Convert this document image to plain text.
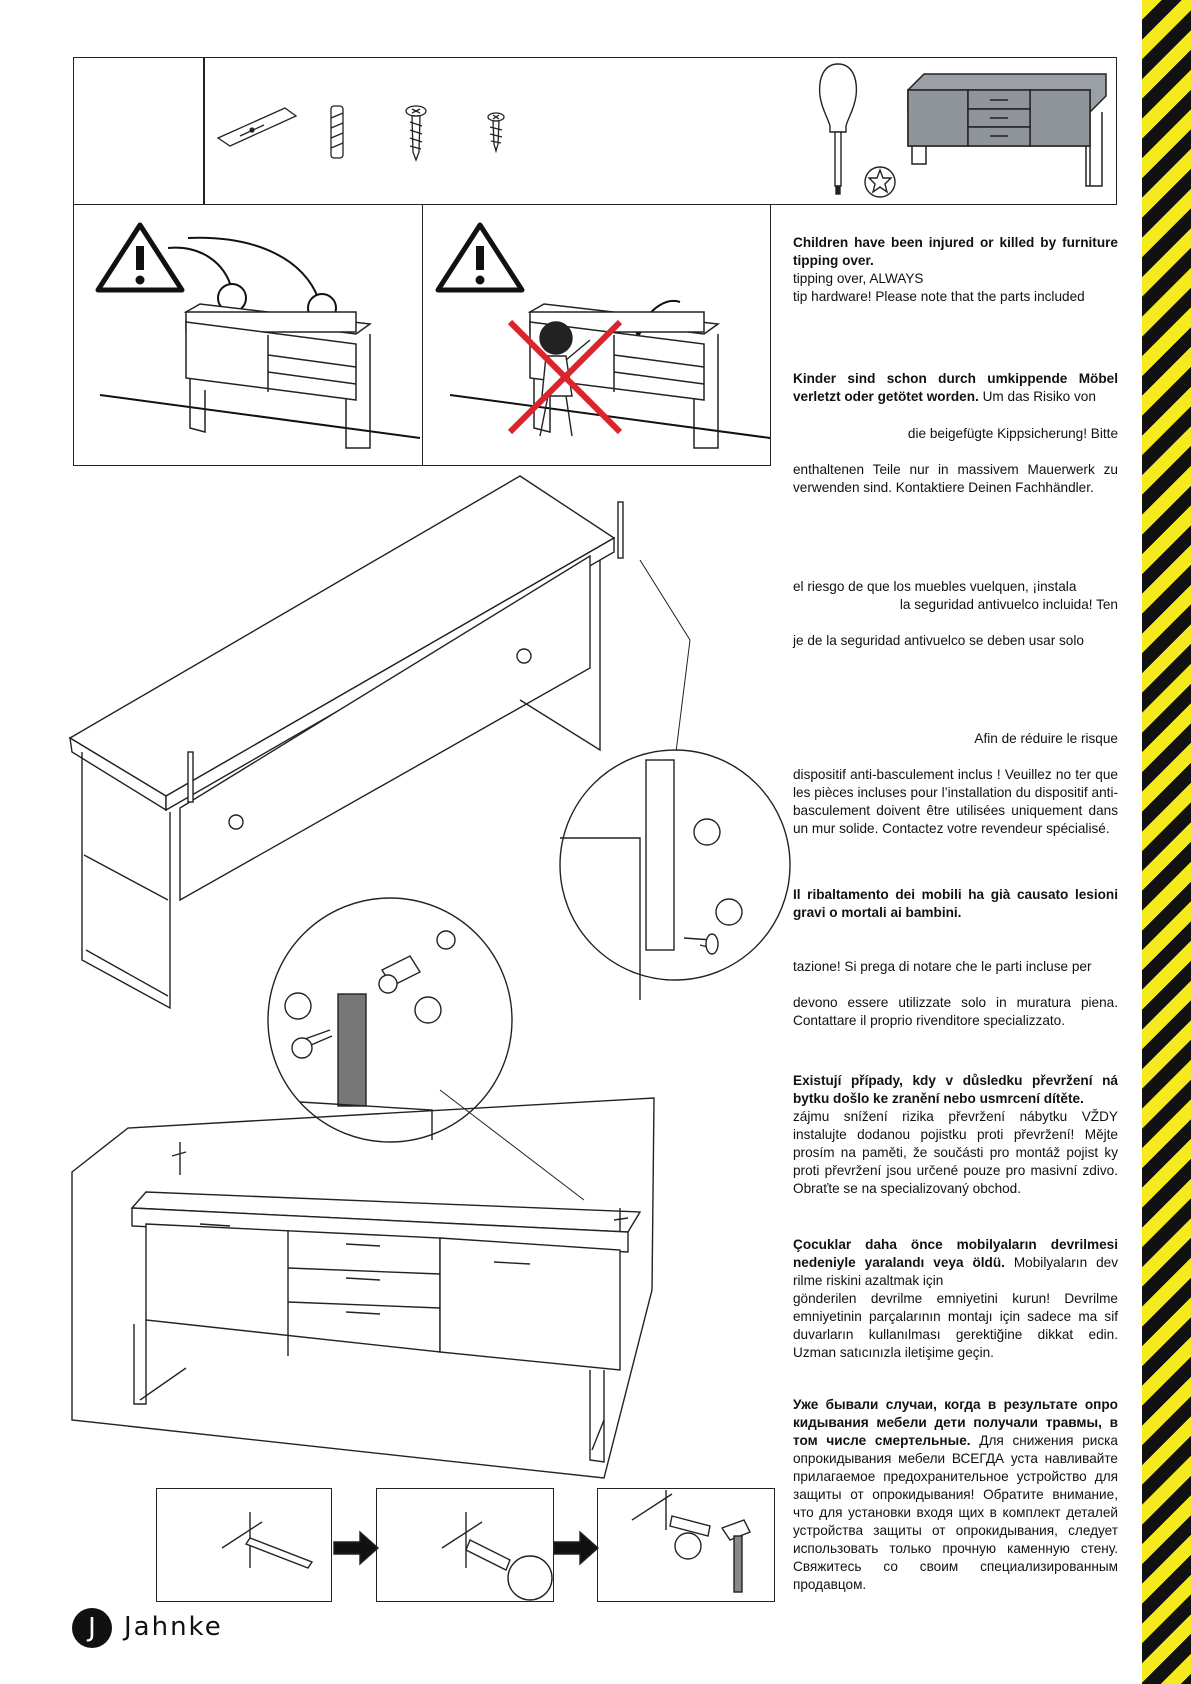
Children have been injured or killed by furniture tipping over.

tipping over, ALWAYS

tip hardware! Please note that the parts included

Kinder sind schon durch umkippende Möbel verletzt oder getötet worden. Um das Risiko von

die beigefügte Kippsicherung! Bitte

enthaltenen Teile nur in massivem Mauerwerk zu verwenden sind. Kontaktiere Deinen Fachhändler.

el riesgo de que los muebles vuelquen, ¡instala

la seguridad antivuelco incluida! Ten

je de la seguridad antivuelco se deben usar solo

Afin de réduire le risque

dispositif anti-basculement inclus ! Veuillez no ter que les pièces incluses pour l’installation du dispositif anti-basculement doivent être utilisées uniquement dans un mur solide. Contactez votre revendeur spécialisé.

Il ribaltamento dei mobili ha già causato lesioni gravi o mortali ai bambini.

tazione! Si prega di notare che le parti incluse per

devono essere utilizzate solo in muratura piena. Contattare il proprio rivenditore specializzato.

Existují případy, kdy v důsledku převržení ná bytku došlo ke zranění nebo usmrcení dítěte.

zájmu snížení rizika převržení nábytku VŽDY instalujte dodanou pojistku proti převržení! Mějte prosím na paměti, že součásti pro montáž pojist ky proti převržení jsou určené pouze pro masivní zdivo. Obraťte se na specializovaný obchod.

Çocuklar daha önce mobilyaların devrilmesi nedeniyle yaralandı veya öldü. Mobilyaların dev rilme riskini azaltmak için

gönderilen devrilme emniyetini kurun! Devrilme emniyetinin parçalarının montajı için sadece ma sif duvarların kullanılması gerektiğine dikkat edin. Uzman satıcınızla iletişime geçin.

Уже бывали случаи, когда в результате опро кидывания мебели дети получали травмы, в том числе смертельные. Для снижения риска опрокидывания мебели ВСЕГДА уста навливайте прилагаемое предохранительное устройство для защиты от опрокидывания! Обратите внимание, что для установки входя щих в комплект деталей устройства защиты от опрокидывания, следует использовать только прочную каменную стену. Свяжитесь со своим специализированным продавцом.

J	Jahnke
